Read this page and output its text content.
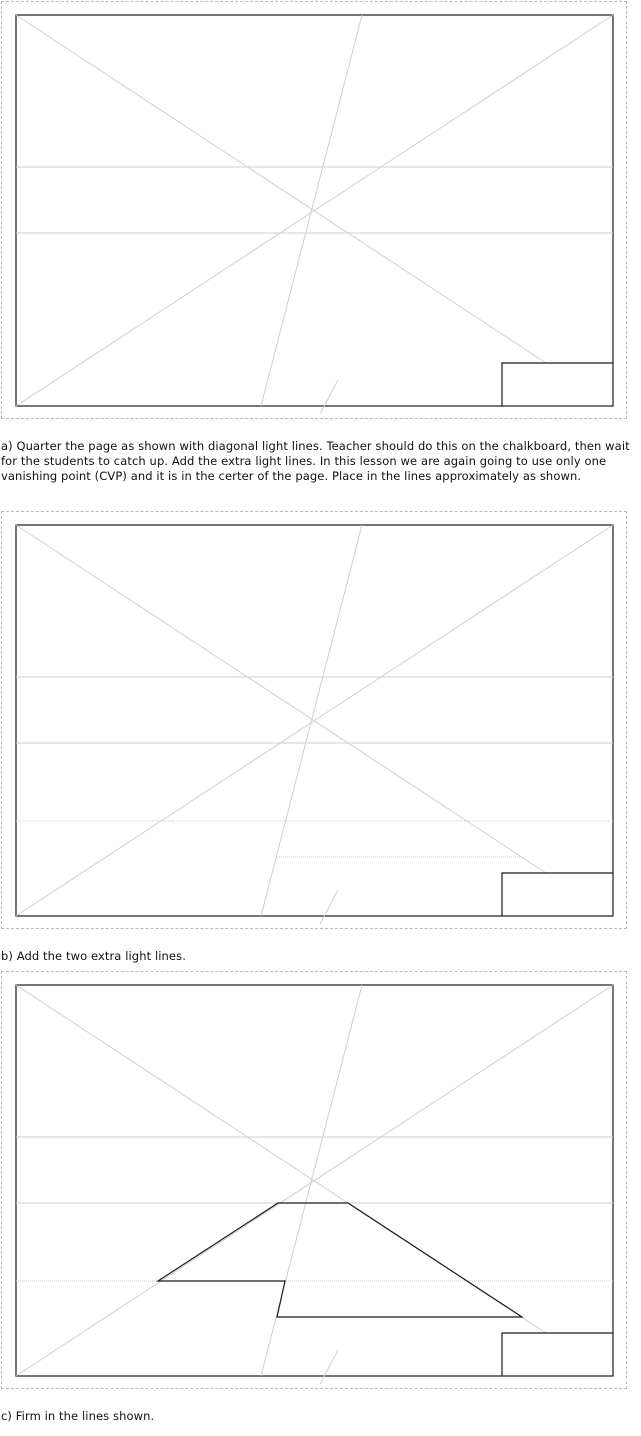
a) Quarter the page as shown with diagonal light lines. Teacher should do this on the chalkboard, then wait for the students to catch up. Add the extra light lines. In this lesson we are again going to use only one vanishing point (CVP) and it is in the certer of the page. Place in the lines approximately as shown.

b) Add the two extra light lines.

c) Firm in the lines shown.
